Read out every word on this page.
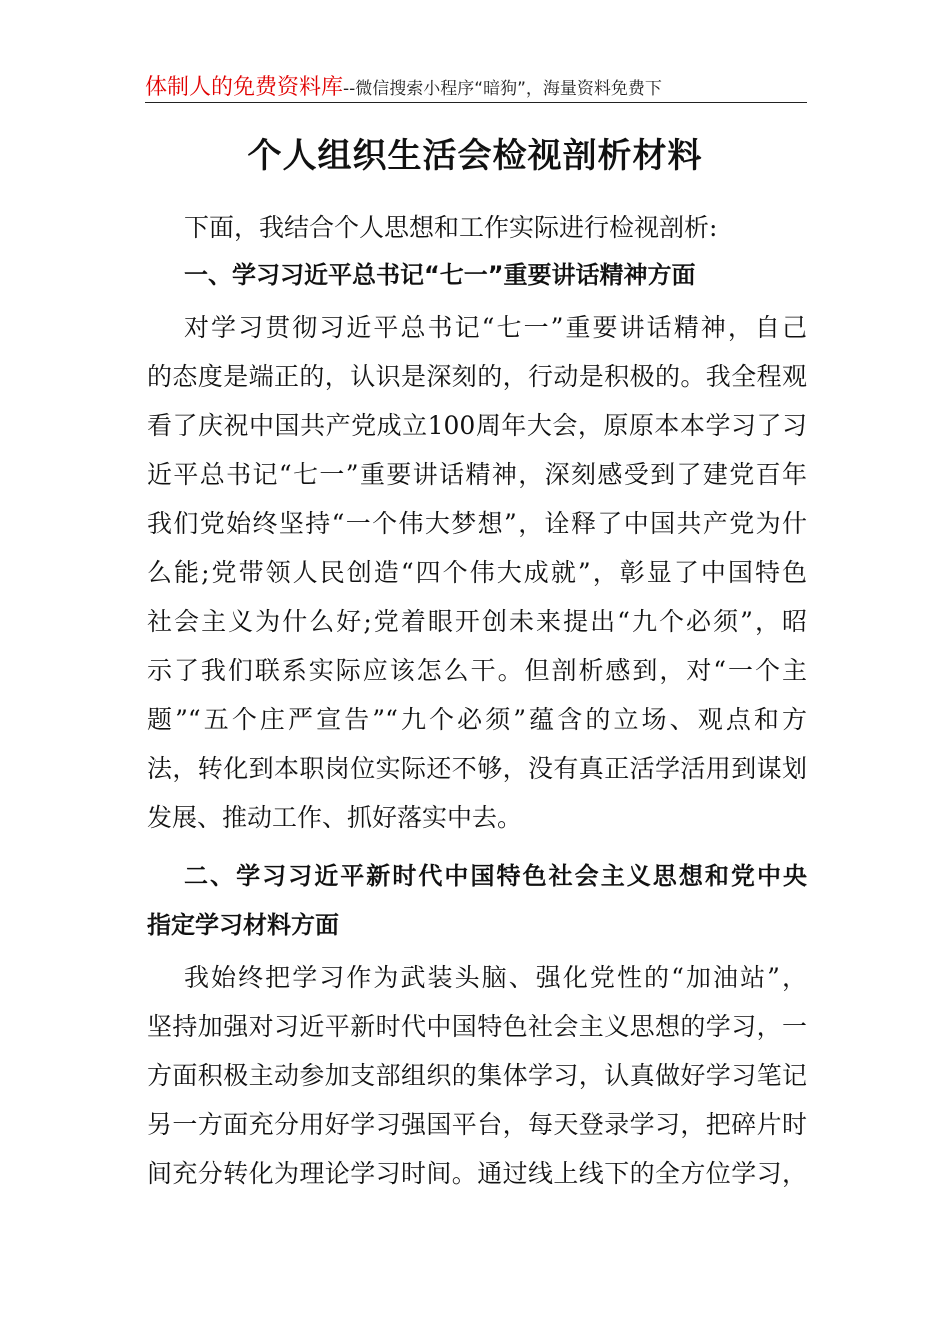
体制人的免费资料库--微信搜索小程序“暗狗”，海量资料免费下
个人组织生活会检视剖析材料
下面，我结合个人思想和工作实际进行检视剖析:
一、学习习近平总书记“七一”重要讲话精神方面
对学习贯彻习近平总书记“七一”重要讲话精神，自己
的态度是端正的，认识是深刻的，行动是积极的。我全程观
看了庆祝中国共产党成立100周年大会，原原本本学习了习
近平总书记“七一”重要讲话精神，深刻感受到了建党百年
我们党始终坚持“一个伟大梦想”，诠释了中国共产党为什
么能;党带领人民创造“四个伟大成就”，彰显了中国特色
社会主义为什么好;党着眼开创未来提出“九个必须”，昭
示了我们联系实际应该怎么干。但剖析感到，对“一个主
题”“五个庄严宣告”“九个必须”蕴含的立场、观点和方
法，转化到本职岗位实际还不够，没有真正活学活用到谋划
发展、推动工作、抓好落实中去。
二、学习习近平新时代中国特色社会主义思想和党中央
指定学习材料方面
我始终把学习作为武装头脑、强化党性的“加油站”，
坚持加强对习近平新时代中国特色社会主义思想的学习，一
方面积极主动参加支部组织的集体学习，认真做好学习笔记
另一方面充分用好学习强国平台，每天登录学习，把碎片时
间充分转化为理论学习时间。通过线上线下的全方位学习，
